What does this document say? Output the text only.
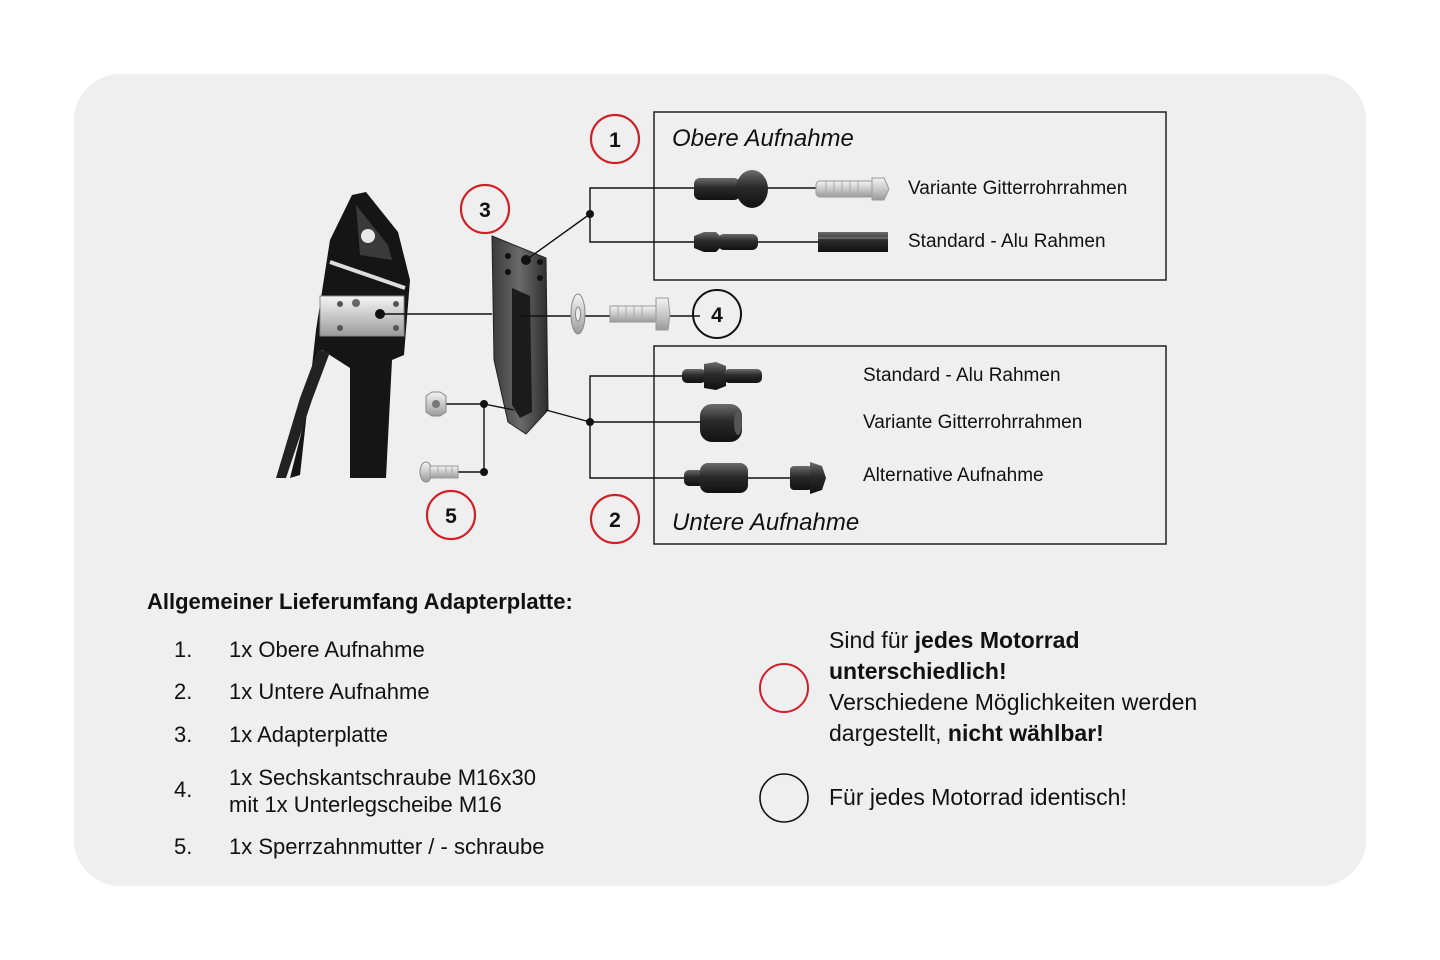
1
2
3
4
5
Obere Aufnahme
Variante Gitterrohrrahmen
Standard - Alu Rahmen
Standard - Alu Rahmen
Variante Gitterrohrrahmen
Alternative Aufnahme
Untere Aufnahme
Allgemeiner Lieferumfang Adapterplatte:
1. 1x Obere Aufnahme
2. 1x Untere Aufnahme
3. 1x Adapterplatte
4. 1x Sechskantschraube M16x30
mit 1x Unterlegscheibe M16
5. 1x Sperrzahnmutter / - schraube
Sind für jedes Motorrad
unterschiedlich!
Verschiedene Möglichkeiten werden
dargestellt, nicht wählbar!
Für jedes Motorrad identisch!
